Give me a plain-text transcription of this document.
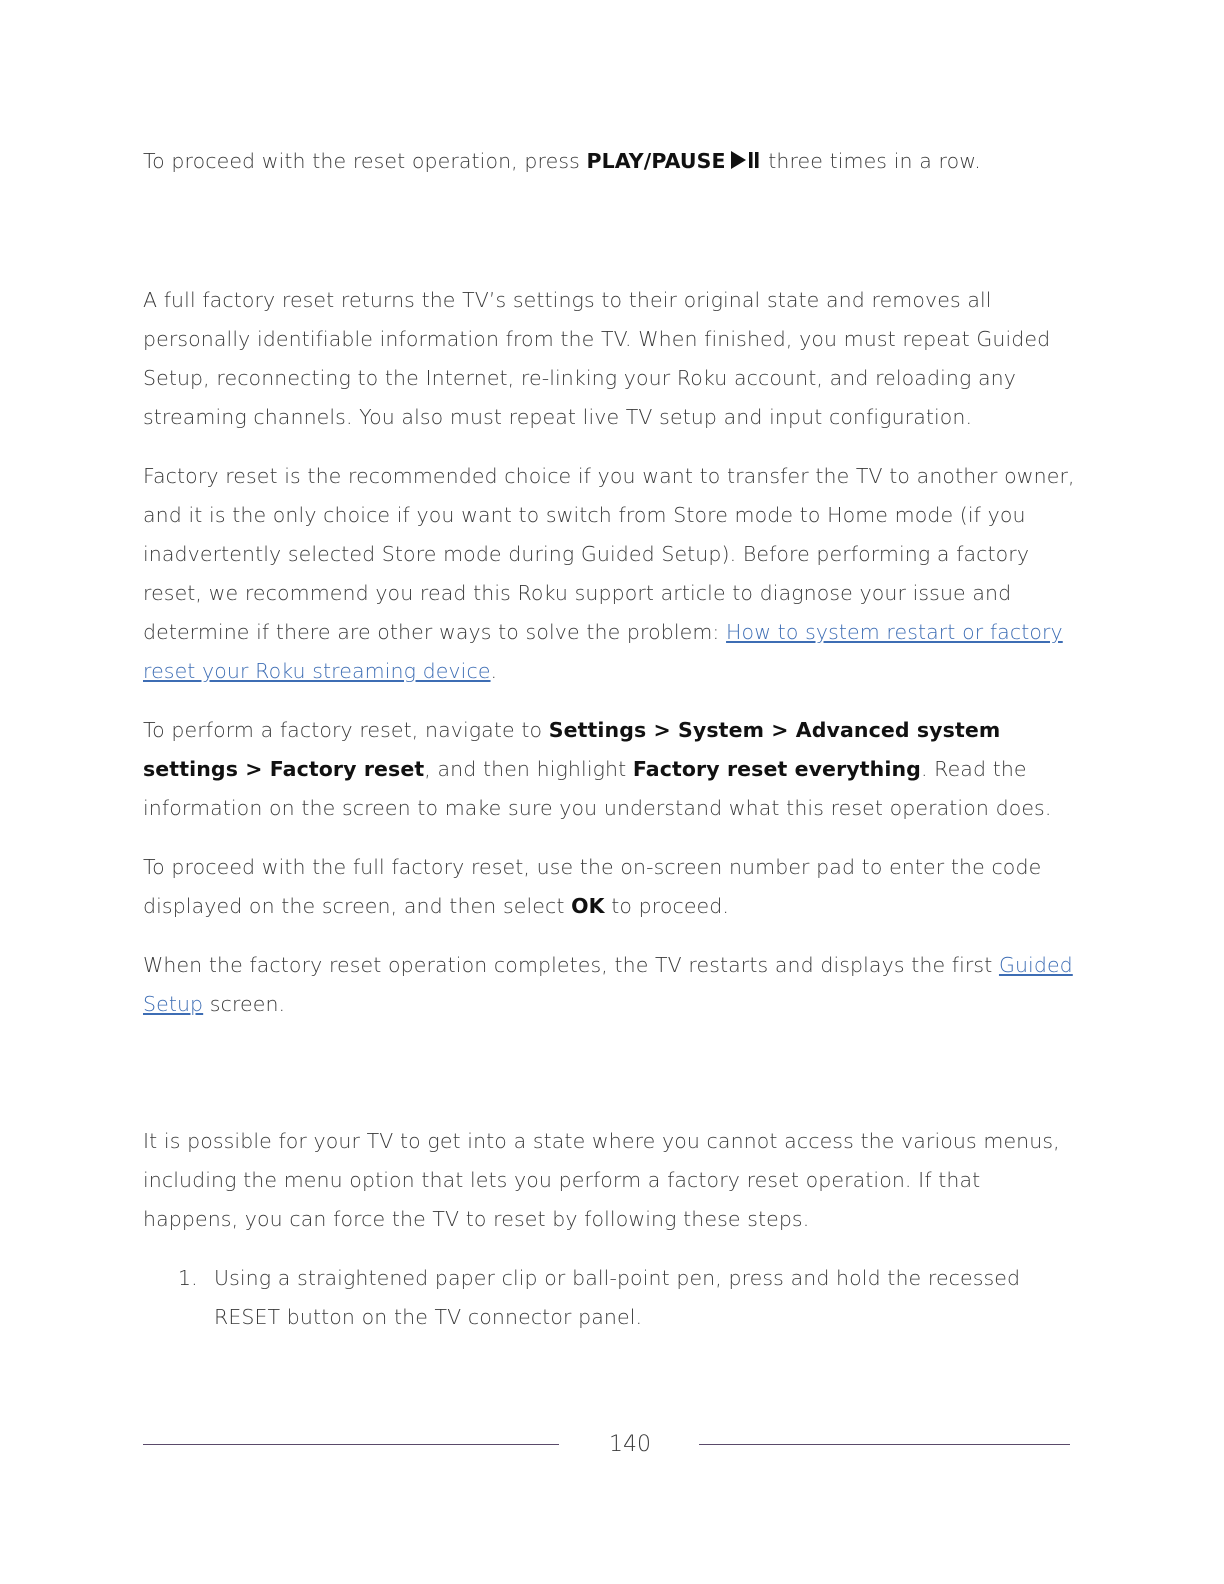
To proceed with the reset operation, press PLAY/PAUSE three times in a row.

A full factory reset returns the TV’s settings to their original state and removes all personally identifiable information from the TV. When finished, you must repeat Guided Setup, reconnecting to the Internet, re-linking your Roku account, and reloading any streaming channels. You also must repeat live TV setup and input configuration.

Factory reset is the recommended choice if you want to transfer the TV to another owner, and it is the only choice if you want to switch from Store mode to Home mode (if you inadvertently selected Store mode during Guided Setup). Before performing a factory reset, we recommend you read this Roku support article to diagnose your issue and determine if there are other ways to solve the problem: How to system restart or factory reset your Roku streaming device.

To perform a factory reset, navigate to Settings > System > Advanced system settings > Factory reset, and then highlight Factory reset everything. Read the information on the screen to make sure you understand what this reset operation does.

To proceed with the full factory reset, use the on-screen number pad to enter the code displayed on the screen, and then select OK to proceed.

When the factory reset operation completes, the TV restarts and displays the first Guided Setup screen.

It is possible for your TV to get into a state where you cannot access the various menus, including the menu option that lets you perform a factory reset operation. If that happens, you can force the TV to reset by following these steps.

1. Using a straightened paper clip or ball-point pen, press and hold the recessed RESET button on the TV connector panel.
140
